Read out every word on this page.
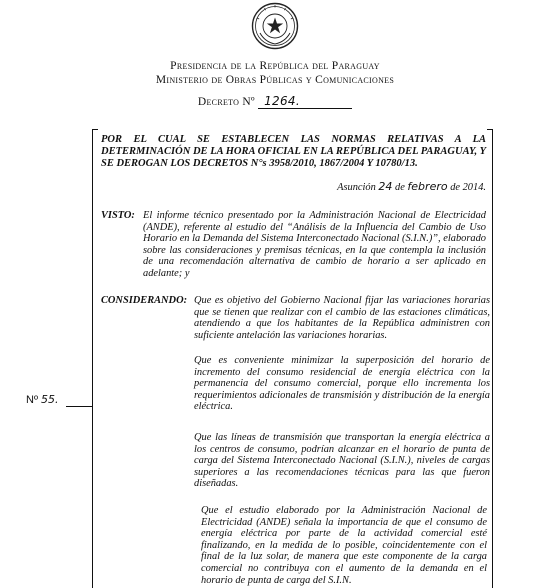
Presidencia de la República del Paraguay
Ministerio de Obras Públicas y Comunicaciones
Decreto Nº 1264.
POR EL CUAL SE ESTABLECEN LAS NORMAS RELATIVAS A LA DETERMINACIÓN DE LA HORA OFICIAL EN LA REPÚBLICA DEL PARAGUAY, Y SE DEROGAN LOS DECRETOS N°s 3958/2010, 1867/2004 Y 10780/13.
Asunción 24 de febrero de 2014.
VISTO: El informe técnico presentado por la Administración Nacional de Electricidad (ANDE), referente al estudio del “Análisis de la Influencia del Cambio de Uso Horario en la Demanda del Sistema Interconectado Nacional (S.I.N.)”, elaborado sobre las consideraciones y premisas técnicas, en la que contempla la inclusión de una recomendación alternativa de cambio de horario a ser aplicado en adelante; y
CONSIDERANDO: Que es objetivo del Gobierno Nacional fijar las variaciones horarias que se tienen que realizar con el cambio de las estaciones climáticas, atendiendo a que los habitantes de la República administren con suficiente antelación las variaciones horarias.
Que es conveniente minimizar la superposición del horario de incremento del consumo residencial de energía eléctrica con la permanencia del consumo comercial, porque ello incrementa los requerimientos adicionales de transmisión y distribución de la energía eléctrica.
Que las líneas de transmisión que transportan la energía eléctrica a los centros de consumo, podrían alcanzar en el horario de punta de carga del Sistema Interconectado Nacional (S.I.N.), niveles de cargas superiores a las recomendaciones técnicas para las que fueron diseñadas.
Que el estudio elaborado por la Administración Nacional de Electricidad (ANDE) señala la importancia de que el consumo de energía eléctrica por parte de la actividad comercial esté finalizando, en la medida de lo posible, coincidentemente con el final de la luz solar, de manera que este componente de la carga comercial no contribuya con el aumento de la demanda en el horario de punta de carga del S.I.N.
Nº 55.
